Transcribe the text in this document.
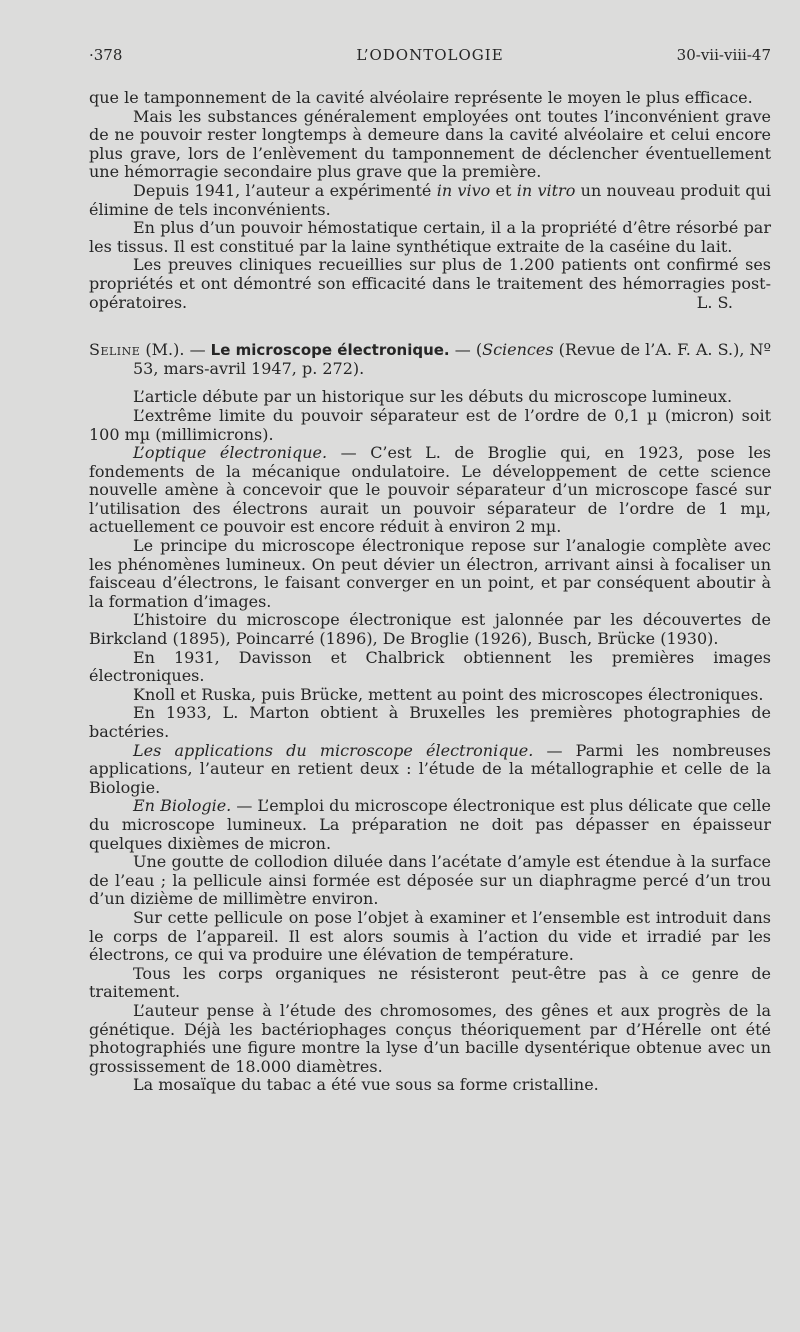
·378	L’ODONTOLOGIE	30-vii-viii-47

que le tamponnement de la cavité alvéolaire représente le moyen le plus efficace.

Mais les substances généralement employées ont toutes l’inconvénient grave de ne pouvoir rester longtemps à demeure dans la cavité alvéolaire et celui encore plus grave, lors de l’enlèvement du tamponnement de déclencher éventuellement une hémorragie secondaire plus grave que la première.

Depuis 1941, l’auteur a expérimenté in vivo et in vitro un nouveau produit qui élimine de tels inconvénients.

En plus d’un pouvoir hémostatique certain, il a la propriété d’être résorbé par les tissus. Il est constitué par la laine synthétique extraite de la caséine du lait.

Les preuves cliniques recueillies sur plus de 1.200 patients ont confirmé ses propriétés et ont démontré son efficacité dans le traitement des hémorragies post-opératoires.	L. S.

Seline (M.). — Le microscope électronique. — (Sciences (Revue de l’A. F. A. S.), Nº 53, mars-avril 1947, p. 272).

L’article débute par un historique sur les débuts du microscope lumineux.

L’extrême limite du pouvoir séparateur est de l’ordre de 0,1 µ (micron) soit 100 mµ (millimicrons).

L’optique électronique. — C’est L. de Broglie qui, en 1923, pose les fondements de la mécanique ondulatoire. Le développement de cette science nouvelle amène à concevoir que le pouvoir séparateur d’un microscope fascé sur l’utilisation des électrons aurait un pouvoir séparateur de l’ordre de 1 mµ, actuellement ce pouvoir est encore réduit à environ 2 mµ.

Le principe du microscope électronique repose sur l’analogie complète avec les phénomènes lumineux. On peut dévier un électron, arrivant ainsi à focaliser un faisceau d’électrons, le faisant converger en un point, et par conséquent aboutir à la formation d’images.

L’histoire du microscope électronique est jalonnée par les découvertes de Birkcland (1895), Poincarré (1896), De Broglie (1926), Busch, Brücke (1930).

En 1931, Davisson et Chalbrick obtiennent les premières images électroniques.

Knoll et Ruska, puis Brücke, mettent au point des microscopes électroniques.

En 1933, L. Marton obtient à Bruxelles les premières photographies de bactéries.

Les applications du microscope électronique. — Parmi les nombreuses applications, l’auteur en retient deux : l’étude de la métallographie et celle de la Biologie.

En Biologie. — L’emploi du microscope électronique est plus délicate que celle du microscope lumineux. La préparation ne doit pas dépasser en épaisseur quelques dixièmes de micron.

Une goutte de collodion diluée dans l’acétate d’amyle est étendue à la surface de l’eau ; la pellicule ainsi formée est déposée sur un diaphragme percé d’un trou d’un dizième de millimètre environ.

Sur cette pellicule on pose l’objet à examiner et l’ensemble est introduit dans le corps de l’appareil. Il est alors soumis à l’action du vide et irradié par les électrons, ce qui va produire une élévation de température.

Tous les corps organiques ne résisteront peut-être pas à ce genre de traitement.

L’auteur pense à l’étude des chromosomes, des gênes et aux progrès de la génétique. Déjà les bactériophages conçus théoriquement par d’Hérelle ont été photographiés une figure montre la lyse d’un bacille dysentérique obtenue avec un grossissement de 18.000 diamètres.

La mosaïque du tabac a été vue sous sa forme cristalline.
